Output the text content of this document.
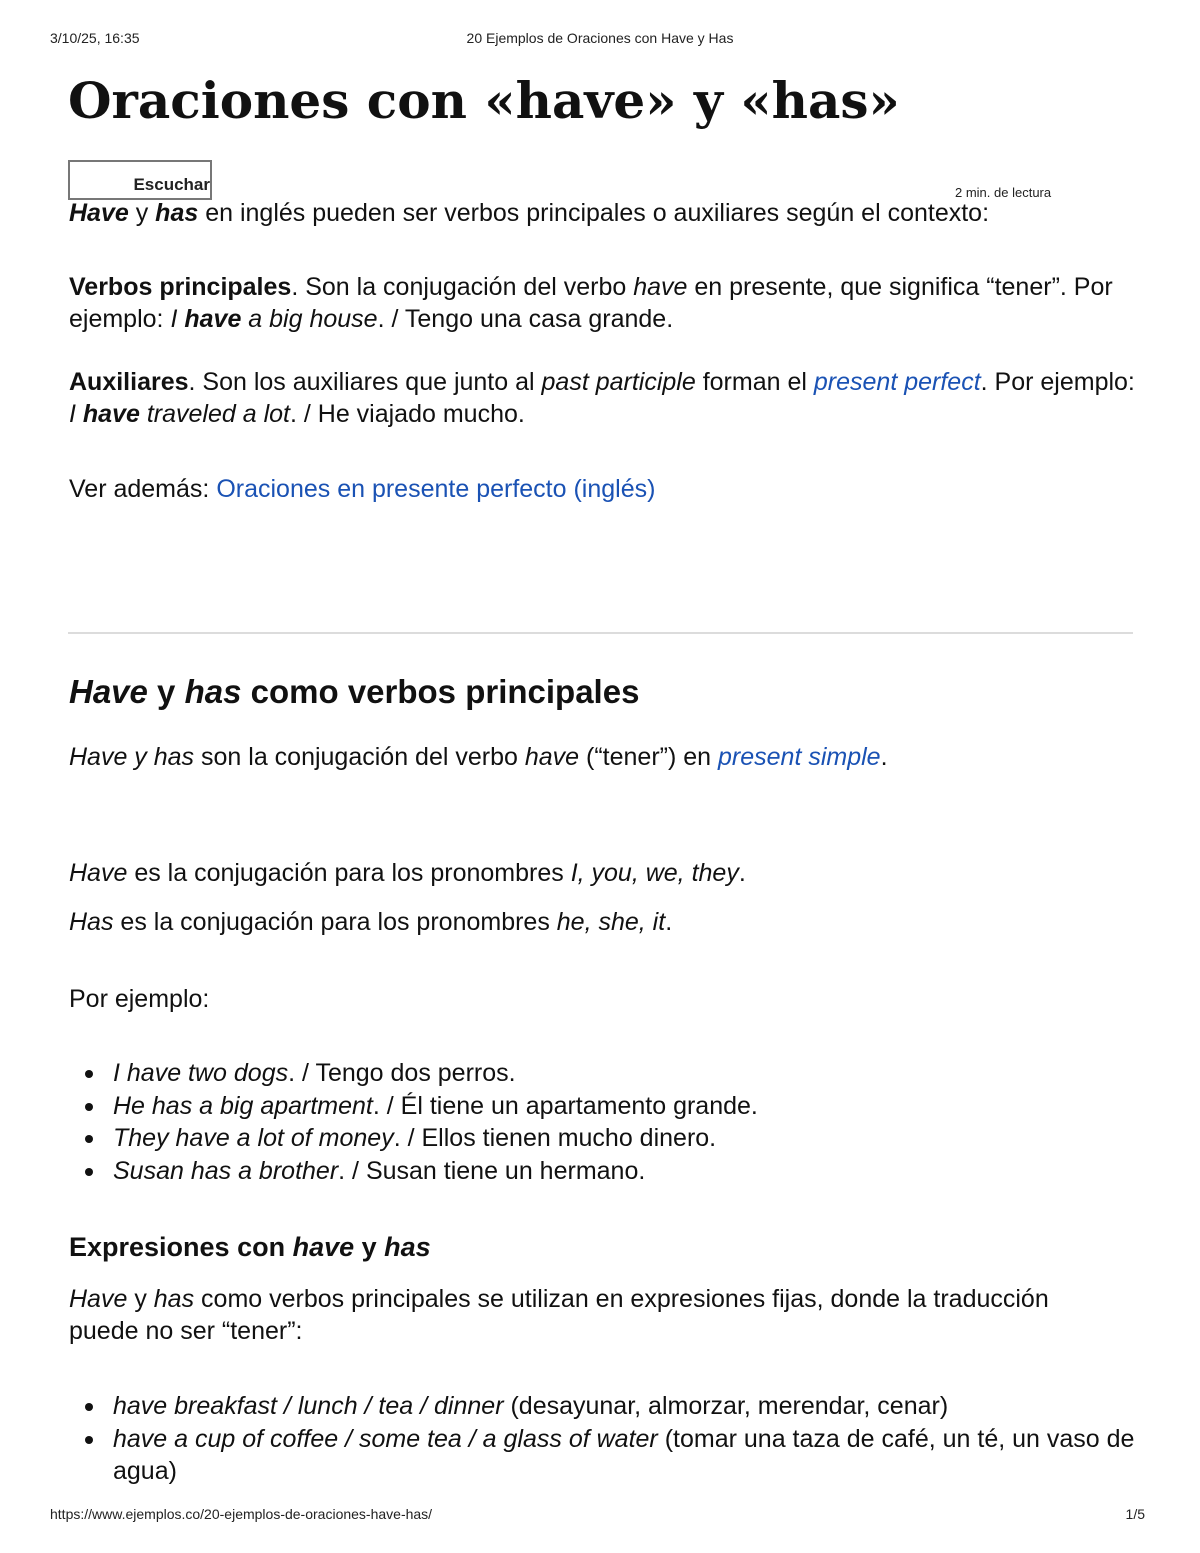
3/10/25, 16:35	20 Ejemplos de Oraciones con Have y Has
Oraciones con «have» y «has»
Escuchar	2 min. de lectura

Have y has en inglés pueden ser verbos principales o auxiliares según el contexto:

Verbos principales. Son la conjugación del verbo have en presente, que significa “tener”. Por ejemplo: I have a big house. / Tengo una casa grande.

Auxiliares. Son los auxiliares que junto al past participle forman el present perfect. Por ejemplo: I have traveled a lot. / He viajado mucho.

Ver además: Oraciones en presente perfecto (inglés)

Have y has como verbos principales

Have y has son la conjugación del verbo have (“tener”) en present simple.

Have es la conjugación para los pronombres I, you, we, they.

Has es la conjugación para los pronombres he, she, it.

Por ejemplo:

I have two dogs. / Tengo dos perros.
He has a big apartment. / Él tiene un apartamento grande.
They have a lot of money. / Ellos tienen mucho dinero.
Susan has a brother. / Susan tiene un hermano.
Expresiones con have y has

Have y has como verbos principales se utilizan en expresiones fijas, donde la traducción puede no ser “tener”:

have breakfast / lunch / tea / dinner (desayunar, almorzar, merendar, cenar)
have a cup of coffee / some tea / a glass of water (tomar una taza de café, un té, un vaso de agua)
https://www.ejemplos.co/20-ejemplos-de-oraciones-have-has/	1/5
